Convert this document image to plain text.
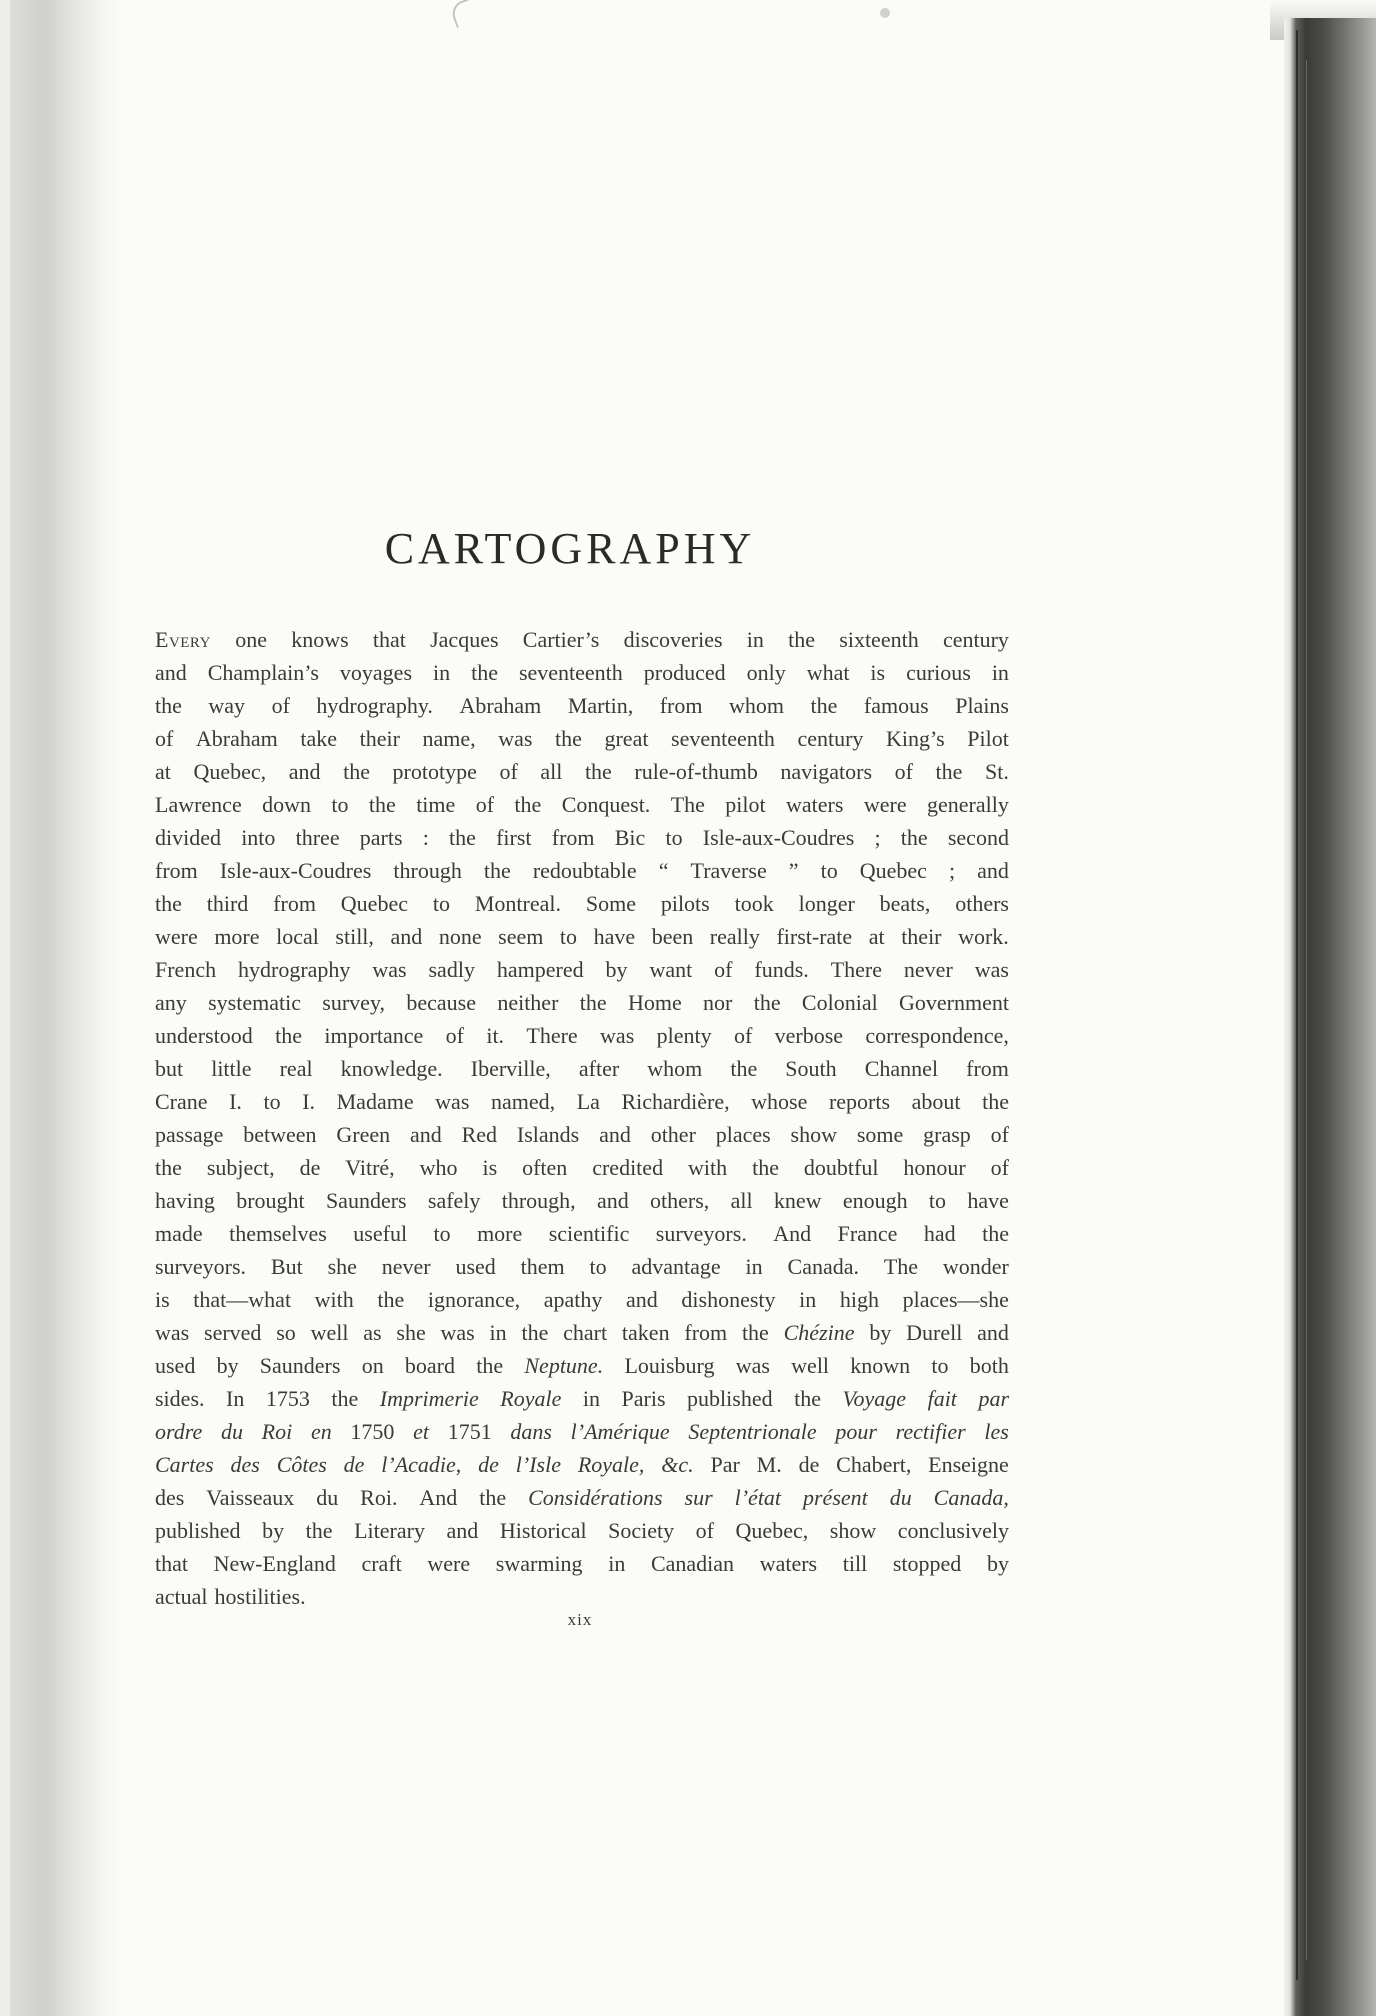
CARTOGRAPHY
Every one knows that Jacques Cartier’s discoveries in the sixteenth century
and Champlain’s voyages in the seventeenth produced only what is curious in
the way of hydrography. Abraham Martin, from whom the famous Plains
of Abraham take their name, was the great seventeenth century King’s Pilot
at Quebec, and the prototype of all the rule-of-thumb navigators of the St.
Lawrence down to the time of the Conquest. The pilot waters were generally
divided into three parts : the first from Bic to Isle-aux-Coudres ; the second
from Isle-aux-Coudres through the redoubtable “ Traverse ” to Quebec ; and
the third from Quebec to Montreal. Some pilots took longer beats, others
were more local still, and none seem to have been really first-rate at their work.
French hydrography was sadly hampered by want of funds. There never was
any systematic survey, because neither the Home nor the Colonial Government
understood the importance of it. There was plenty of verbose correspondence,
but little real knowledge. Iberville, after whom the South Channel from
Crane I. to I. Madame was named, La Richardière, whose reports about the
passage between Green and Red Islands and other places show some grasp of
the subject, de Vitré, who is often credited with the doubtful honour of
having brought Saunders safely through, and others, all knew enough to have
made themselves useful to more scientific surveyors. And France had the
surveyors. But she never used them to advantage in Canada. The wonder
is that—what with the ignorance, apathy and dishonesty in high places—she
was served so well as she was in the chart taken from the Chézine by Durell and
used by Saunders on board the Neptune. Louisburg was well known to both
sides. In 1753 the Imprimerie Royale in Paris published the Voyage fait par
ordre du Roi en 1750 et 1751 dans l’Amérique Septentrionale pour rectifier les
Cartes des Côtes de l’Acadie, de l’Isle Royale, &c. Par M. de Chabert, Enseigne
des Vaisseaux du Roi. And the Considérations sur l’état présent du Canada,
published by the Literary and Historical Society of Quebec, show conclusively
that New-England craft were swarming in Canadian waters till stopped by
actual hostilities.
xix
